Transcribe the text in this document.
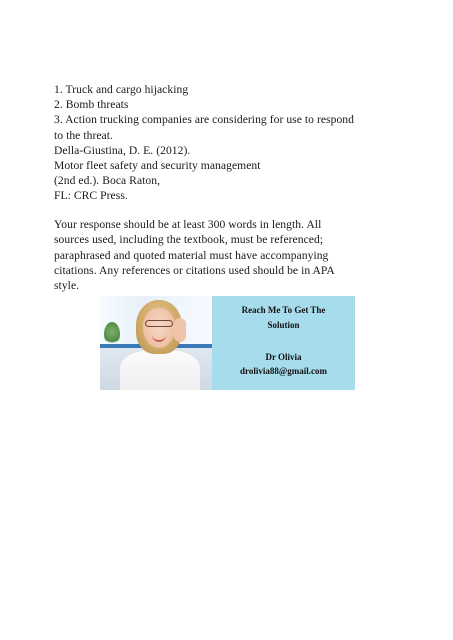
1. Truck and cargo hijacking
2. Bomb threats
3. Action trucking companies are considering for use to respond
to the threat.
Della-Giustina, D. E. (2012).
Motor fleet safety and security management
(2nd ed.). Boca Raton,
FL: CRC Press.
Your response should be at least 300 words in length. All
sources used, including the textbook, must be referenced;
paraphrased and quoted material must have accompanying
citations. Any references or citations used should be in APA
style.
Reach Me To Get The
Solution
Dr Olivia
drolivia88@gmail.com
